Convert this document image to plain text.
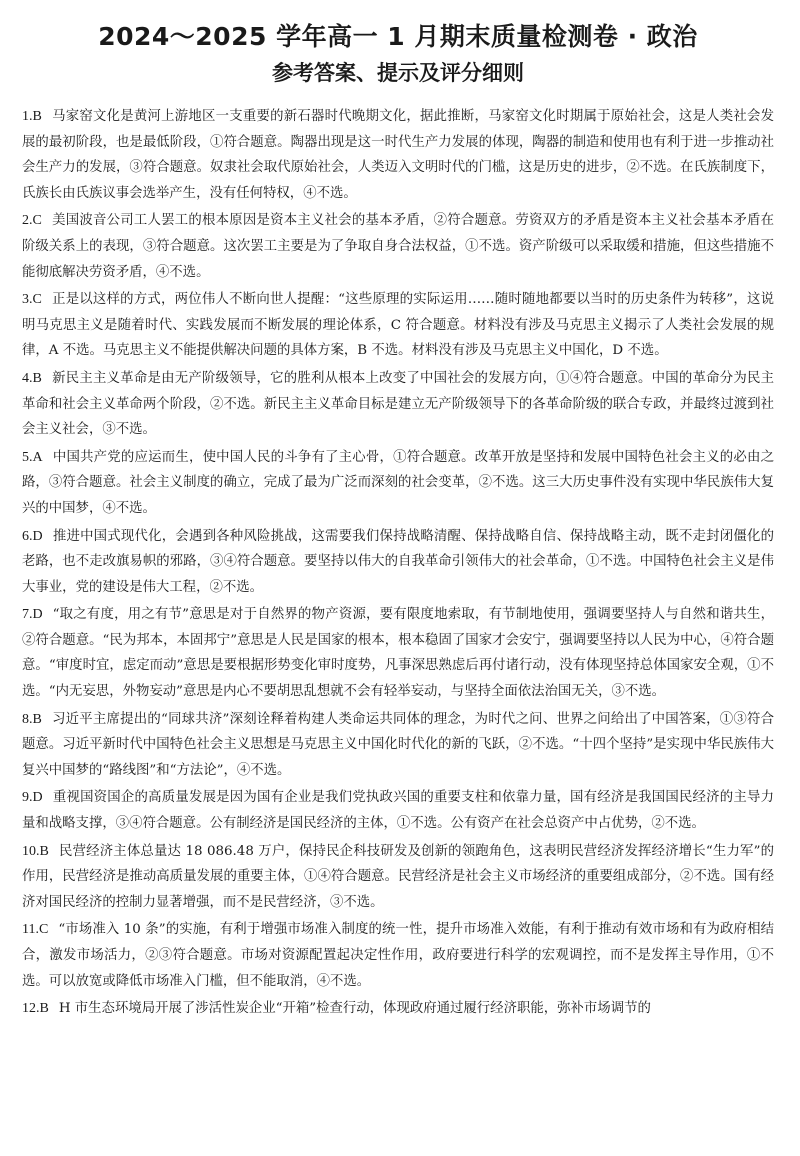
2024～2025 学年高一 1 月期末质量检测卷 · 政治
参考答案、提示及评分细则

1.B 马家窑文化是黄河上游地区一支重要的新石器时代晚期文化，据此推断，马家窑文化时期属于原始社会，这是人类社会发展的最初阶段，也是最低阶段，①符合题意。陶器出现是这一时代生产力发展的体现，陶器的制造和使用也有利于进一步推动社会生产力的发展，③符合题意。奴隶社会取代原始社会，人类迈入文明时代的门槛，这是历史的进步，②不选。在氏族制度下，氏族长由氏族议事会选举产生，没有任何特权，④不选。

2.C 美国波音公司工人罢工的根本原因是资本主义社会的基本矛盾，②符合题意。劳资双方的矛盾是资本主义社会基本矛盾在阶级关系上的表现，③符合题意。这次罢工主要是为了争取自身合法权益，①不选。资产阶级可以采取缓和措施，但这些措施不能彻底解决劳资矛盾，④不选。

3.C 正是以这样的方式，两位伟人不断向世人提醒：“这些原理的实际运用……随时随地都要以当时的历史条件为转移”，这说明马克思主义是随着时代、实践发展而不断发展的理论体系，C 符合题意。材料没有涉及马克思主义揭示了人类社会发展的规律，A 不选。马克思主义不能提供解决问题的具体方案，B 不选。材料没有涉及马克思主义中国化，D 不选。

4.B 新民主主义革命是由无产阶级领导，它的胜利从根本上改变了中国社会的发展方向，①④符合题意。中国的革命分为民主革命和社会主义革命两个阶段，②不选。新民主主义革命目标是建立无产阶级领导下的各革命阶级的联合专政，并最终过渡到社会主义社会，③不选。

5.A 中国共产党的应运而生，使中国人民的斗争有了主心骨，①符合题意。改革开放是坚持和发展中国特色社会主义的必由之路，③符合题意。社会主义制度的确立，完成了最为广泛而深刻的社会变革，②不选。这三大历史事件没有实现中华民族伟大复兴的中国梦，④不选。

6.D 推进中国式现代化，会遇到各种风险挑战，这需要我们保持战略清醒、保持战略自信、保持战略主动，既不走封闭僵化的老路，也不走改旗易帜的邪路，③④符合题意。要坚持以伟大的自我革命引领伟大的社会革命，①不选。中国特色社会主义是伟大事业，党的建设是伟大工程，②不选。

7.D “取之有度，用之有节”意思是对于自然界的物产资源，要有限度地索取，有节制地使用，强调要坚持人与自然和谐共生，②符合题意。“民为邦本，本固邦宁”意思是人民是国家的根本，根本稳固了国家才会安宁，强调要坚持以人民为中心，④符合题意。“审度时宜，虑定而动”意思是要根据形势变化审时度势，凡事深思熟虑后再付诸行动，没有体现坚持总体国家安全观，①不选。“内无妄思，外物妄动”意思是内心不要胡思乱想就不会有轻举妄动，与坚持全面依法治国无关，③不选。

8.B 习近平主席提出的“同球共济”深刻诠释着构建人类命运共同体的理念，为时代之问、世界之问给出了中国答案，①③符合题意。习近平新时代中国特色社会主义思想是马克思主义中国化时代化的新的飞跃，②不选。“十四个坚持”是实现中华民族伟大复兴中国梦的“路线图”和“方法论”，④不选。

9.D 重视国资国企的高质量发展是因为国有企业是我们党执政兴国的重要支柱和依靠力量，国有经济是我国国民经济的主导力量和战略支撑，③④符合题意。公有制经济是国民经济的主体，①不选。公有资产在社会总资产中占优势，②不选。

10.B 民营经济主体总量达 18 086.48 万户，保持民企科技研发及创新的领跑角色，这表明民营经济发挥经济增长“生力军”的作用，民营经济是推动高质量发展的重要主体，①④符合题意。民营经济是社会主义市场经济的重要组成部分，②不选。国有经济对国民经济的控制力显著增强，而不是民营经济，③不选。

11.C “市场准入 10 条”的实施，有利于增强市场准入制度的统一性，提升市场准入效能，有利于推动有效市场和有为政府相结合，激发市场活力，②③符合题意。市场对资源配置起决定性作用，政府要进行科学的宏观调控，而不是发挥主导作用，①不选。可以放宽或降低市场准入门槛，但不能取消，④不选。

12.B H 市生态环境局开展了涉活性炭企业“开箱”检查行动，体现政府通过履行经济职能，弥补市场调节的
